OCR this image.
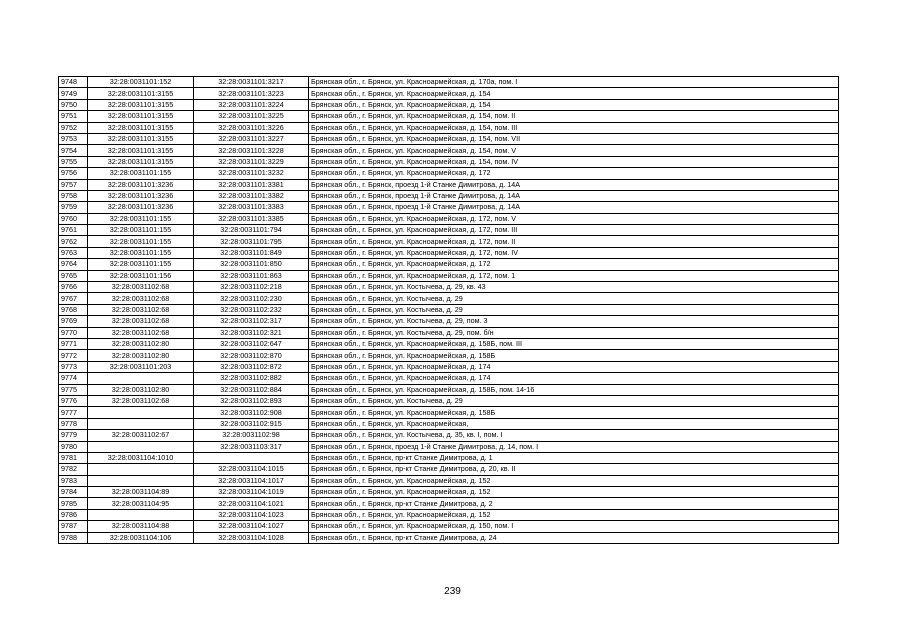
9748	32:28:0031101:152	32:28:0031101:3217	Брянская обл., г. Брянск, ул. Красноармейская, д. 170а, пом. I
9749	32:28:0031101:3155	32:28:0031101:3223	Брянская обл., г. Брянск, ул. Красноармейская, д. 154
9750	32:28:0031101:3155	32:28:0031101:3224	Брянская обл., г. Брянск, ул. Красноармейская, д. 154
9751	32:28:0031101:3155	32:28:0031101:3225	Брянская обл., г. Брянск, ул. Красноармейская, д. 154, пом. II
9752	32:28:0031101:3155	32:28:0031101:3226	Брянская обл., г. Брянск, ул. Красноармейская, д. 154, пом. III
9753	32:28:0031101:3155	32:28:0031101:3227	Брянская обл., г. Брянск, ул. Красноармейская, д. 154, пом. VII
9754	32:28:0031101:3155	32:28:0031101:3228	Брянская обл., г. Брянск, ул. Красноармейская, д. 154, пом. V
9755	32:28:0031101:3155	32:28:0031101:3229	Брянская обл., г. Брянск, ул. Красноармейская, д. 154, пом. IV
9756	32:28:0031101:155	32:28:0031101:3232	Брянская обл., г. Брянск, ул. Красноармейская, д. 172
9757	32:28:0031101:3236	32:28:0031101:3381	Брянская обл., г. Брянск, проезд 1-й Станке Димитрова, д. 14А
9758	32:28:0031101:3236	32:28:0031101:3382	Брянская обл., г. Брянск, проезд 1-й Станке Димитрова, д. 14А
9759	32:28:0031101:3236	32:28:0031101:3383	Брянская обл., г. Брянск, проезд 1-й Станке Димитрова, д. 14А
9760	32:28:0031101:155	32:28:0031101:3385	Брянская обл., г. Брянск, ул. Красноармейская, д. 172, пом. V
9761	32:28:0031101:155	32:28:0031101:794	Брянская обл., г. Брянск, ул. Красноармейская, д. 172, пом. III
9762	32:28:0031101:155	32:28:0031101:795	Брянская обл., г. Брянск, ул. Красноармейская, д. 172, пом. II
9763	32:28:0031101:155	32:28:0031101:849	Брянская обл., г. Брянск, ул. Красноармейская, д. 172, пом. IV
9764	32:28:0031101:155	32:28:0031101:850	Брянская обл., г. Брянск, ул. Красноармейская, д. 172
9765	32:28:0031101:156	32:28:0031101:863	Брянская обл., г. Брянск, ул. Красноармейская, д. 172, пом. 1
9766	32:28:0031102:68	32:28:0031102:218	Брянская обл., г. Брянск, ул. Костычева, д. 29, кв. 43
9767	32:28:0031102:68	32:28:0031102:230	Брянская обл., г. Брянск, ул. Костычева, д. 29
9768	32:28:0031102:68	32:28:0031102:232	Брянская обл., г. Брянск, ул. Костычева, д. 29
9769	32:28:0031102:68	32:28:0031102:317	Брянская обл., г. Брянск, ул. Костычева, д. 29, пом. 3
9770	32:28:0031102:68	32:28:0031102:321	Брянская обл., г. Брянск, ул. Костычева, д. 29, пом. б/н
9771	32:28:0031102:80	32:28:0031102:647	Брянская обл., г. Брянск, ул. Красноармейская, д. 158Б, пом. III
9772	32:28:0031102:80	32:28:0031102:870	Брянская обл., г. Брянск, ул. Красноармейская, д. 158Б
9773	32:28:0031101:203	32:28:0031102:872	Брянская обл., г. Брянск, ул. Красноармейская, д. 174
9774		32:28:0031102:882	Брянская обл., г. Брянск, ул. Красноармейская, д. 174
9775	32:28:0031102:80	32:28:0031102:884	Брянская обл., г. Брянск, ул. Красноармейская, д. 158Б, пом. 14-16
9776	32:28:0031102:68	32:28:0031102:893	Брянская обл., г. Брянск, ул. Костычева, д. 29
9777		32:28:0031102:908	Брянская обл., г. Брянск, ул. Красноармейская, д. 158Б
9778		32:28:0031102:915	Брянская обл., г. Брянск, ул. Красноармейская,
9779	32:28:0031102:67	32:28:0031102:98	Брянская обл., г. Брянск, ул. Костычева, д. 35, кв. I, пом. I
9780		32:28:0031103:317	Брянская обл., г. Брянск, проезд 1-й Станке Димитрова, д. 14, пом. I
9781	32:28:0031104:1010		Брянская обл., г. Брянск, пр-кт Станке Димитрова, д. 1
9782		32:28:0031104:1015	Брянская обл., г. Брянск, пр-кт Станке Димитрова, д. 20, кв. II
9783		32:28:0031104:1017	Брянская обл., г. Брянск, ул. Красноармейская, д. 152
9784	32:28:0031104:89	32:28:0031104:1019	Брянская обл., г. Брянск, ул. Красноармейская, д. 152
9785	32:28:0031104:95	32:28:0031104:1021	Брянская обл., г. Брянск, пр-кт Станке Димитрова, д. 2
9786		32:28:0031104:1023	Брянская обл., г. Брянск, ул. Красноармейская, д. 152
9787	32:28:0031104:88	32:28:0031104:1027	Брянская обл., г. Брянск, ул. Красноармейская, д. 150, пом. I
9788	32:28:0031104:106	32:28:0031104:1028	Брянская обл., г. Брянск, пр-кт Станке Димитрова, д. 24
239
